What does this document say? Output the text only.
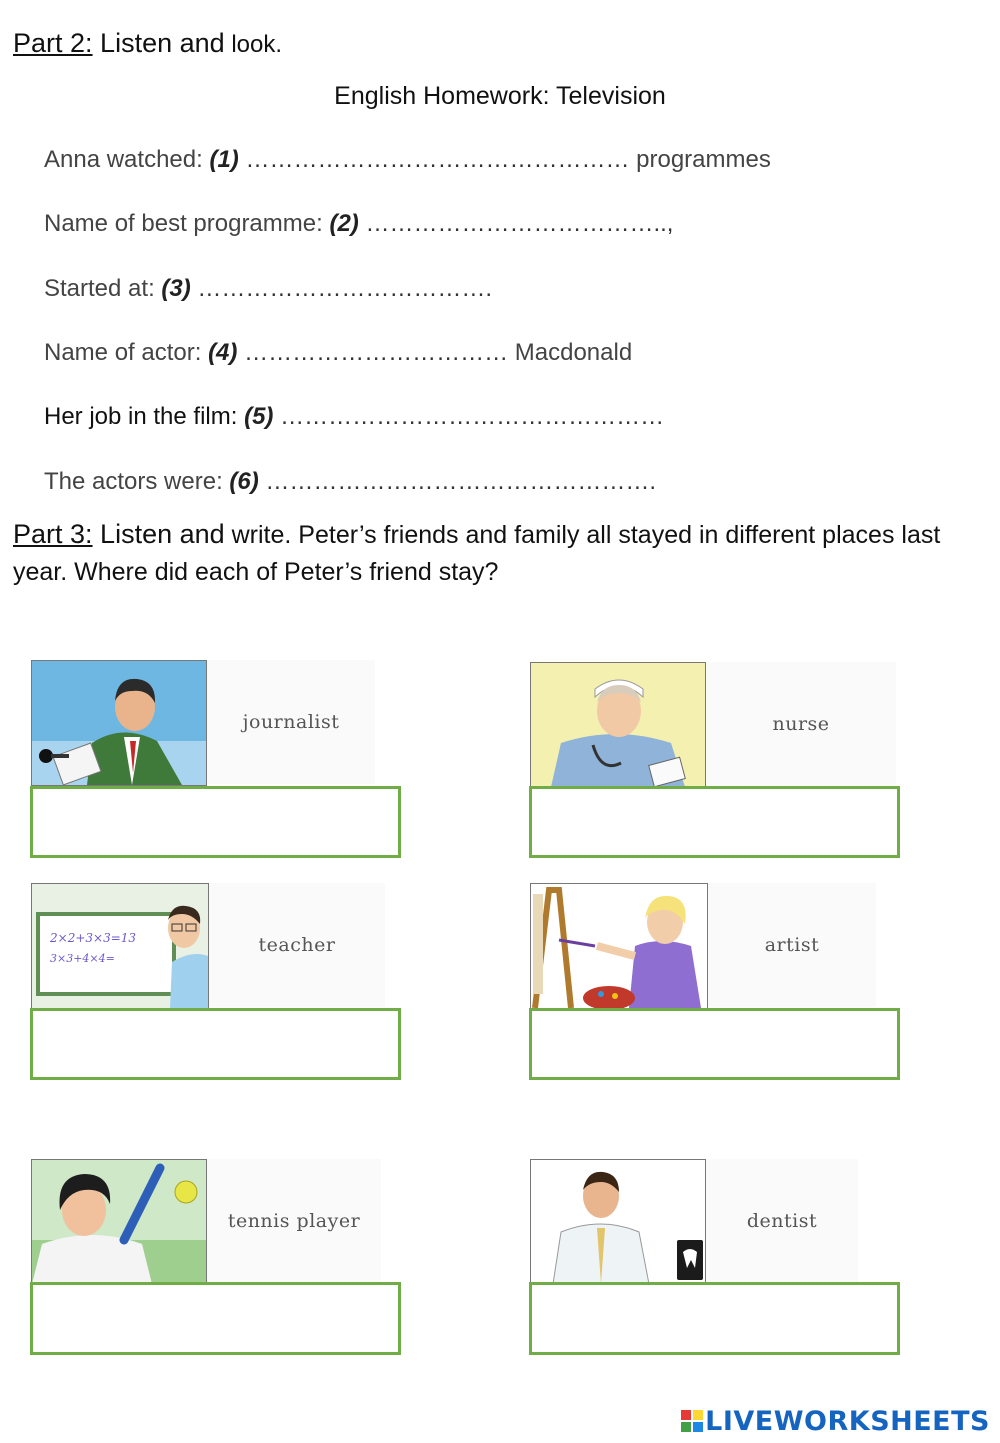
Part 2: Listen and look.
English Homework: Television
Anna watched: (1) ………………………………………… programmes
Name of best programme: (2) ………………………………..,
Started at: (3) ……………………………….
Name of actor: (4) …………………………… Macdonald
Her job in the film: (5) …………………………………………
The actors were: (6) ………………………………………….
Part 3: Listen and write. Peter’s friends and family all stayed in different places last year. Where did each of Peter’s friend stay?
journalist	nurse
2×2+3×3=13
3×3+4×4=
teacher	artist
tennis player	dentist
LIVEWORKSHEETS
